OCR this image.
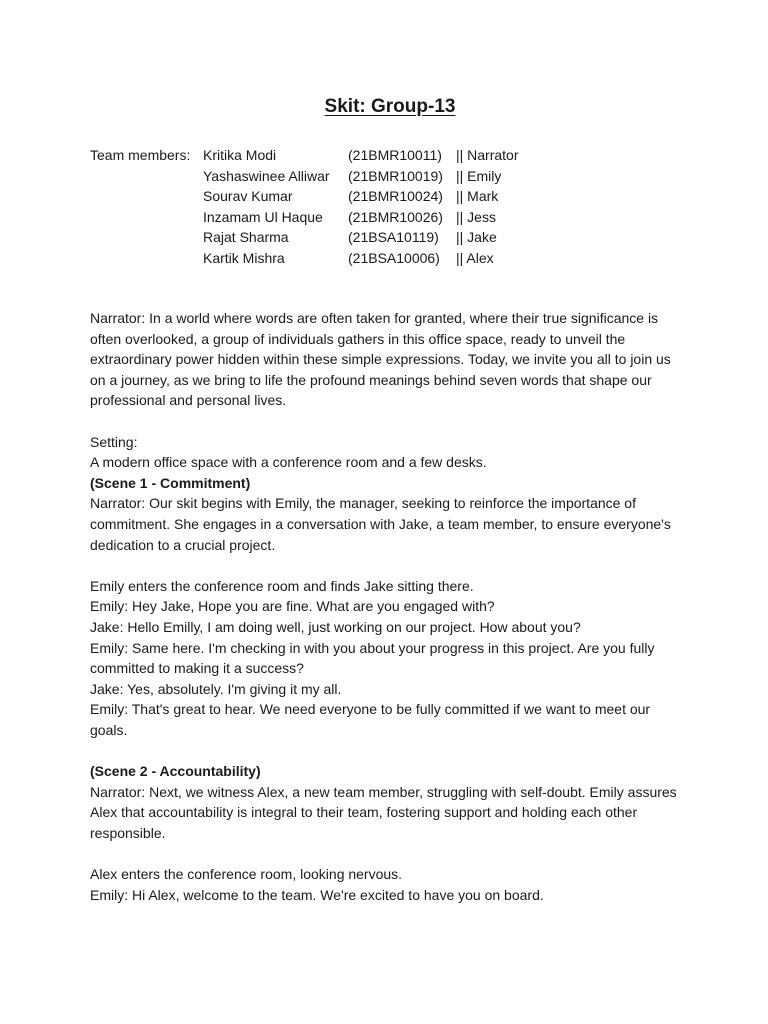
Skit: Group-13
Team members: Kritika Modi	(21BMR10011) || Narrator
Yashaswinee Alliwar (21BMR10019) || Emily
Sourav Kumar	(21BMR10024) || Mark
Inzamam Ul Haque (21BMR10026) || Jess
Rajat Sharma	(21BSA10119) || Jake
Kartik Mishra	(21BSA10006) || Alex

Narrator: In a world where words are often taken for granted, where their true significance is often overlooked, a group of individuals gathers in this office space, ready to unveil the extraordinary power hidden within these simple expressions. Today, we invite you all to join us on a journey, as we bring to life the profound meanings behind seven words that shape our professional and personal lives.

Setting:

A modern office space with a conference room and a few desks.

(Scene 1 - Commitment)

Narrator: Our skit begins with Emily, the manager, seeking to reinforce the importance of commitment. She engages in a conversation with Jake, a team member, to ensure everyone's dedication to a crucial project.

Emily enters the conference room and finds Jake sitting there.

Emily: Hey Jake, Hope you are fine. What are you engaged with?

Jake: Hello Emilly, I am doing well, just working on our project. How about you?

Emily: Same here. I'm checking in with you about your progress in this project. Are you fully committed to making it a success?

Jake: Yes, absolutely. I'm giving it my all.

Emily: That's great to hear. We need everyone to be fully committed if we want to meet our goals.

(Scene 2 - Accountability)

Narrator: Next, we witness Alex, a new team member, struggling with self-doubt. Emily assures Alex that accountability is integral to their team, fostering support and holding each other responsible.

Alex enters the conference room, looking nervous.

Emily: Hi Alex, welcome to the team. We're excited to have you on board.
